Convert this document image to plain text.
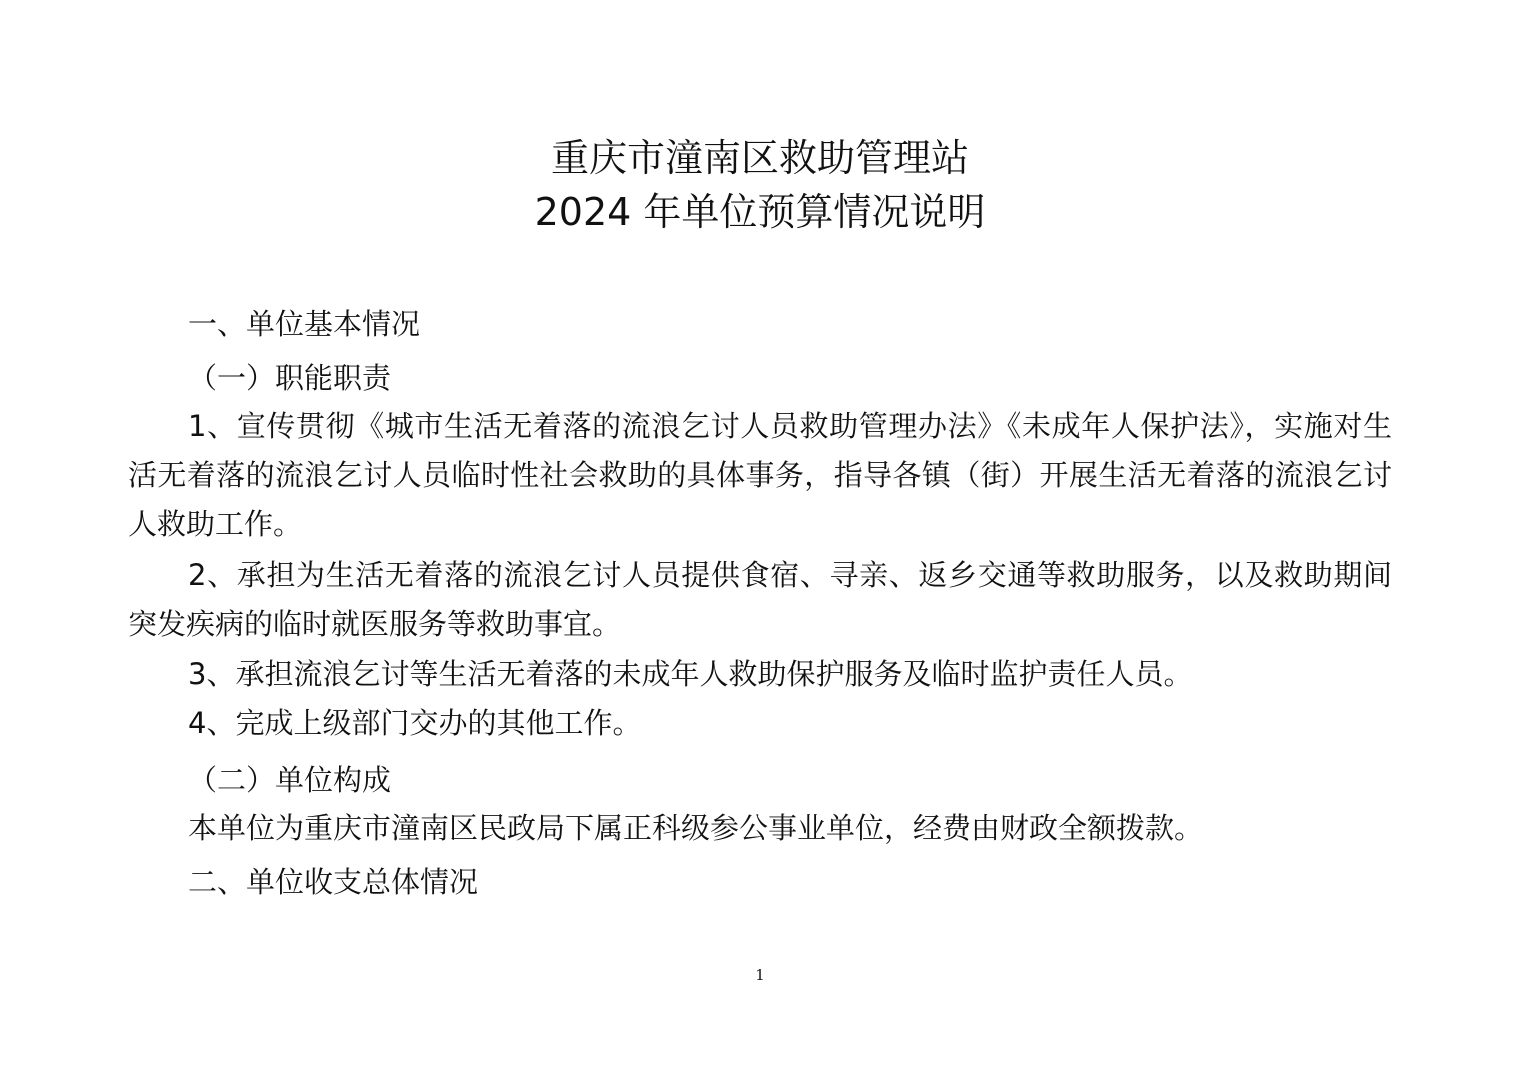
重庆市潼南区救助管理站
2024 年单位预算情况说明
一、单位基本情况
（一）职能职责
1、宣传贯彻《城市生活无着落的流浪乞讨人员救助管理办法》《未成年人保护法》，实施对生活无着落的流浪乞讨人员临时性社会救助的具体事务，指导各镇（街）开展生活无着落的流浪乞讨人救助工作。
2、承担为生活无着落的流浪乞讨人员提供食宿、寻亲、返乡交通等救助服务，以及救助期间突发疾病的临时就医服务等救助事宜。
3、承担流浪乞讨等生活无着落的未成年人救助保护服务及临时监护责任人员。
4、完成上级部门交办的其他工作。
（二）单位构成
本单位为重庆市潼南区民政局下属正科级参公事业单位，经费由财政全额拨款。
二、单位收支总体情况
1
